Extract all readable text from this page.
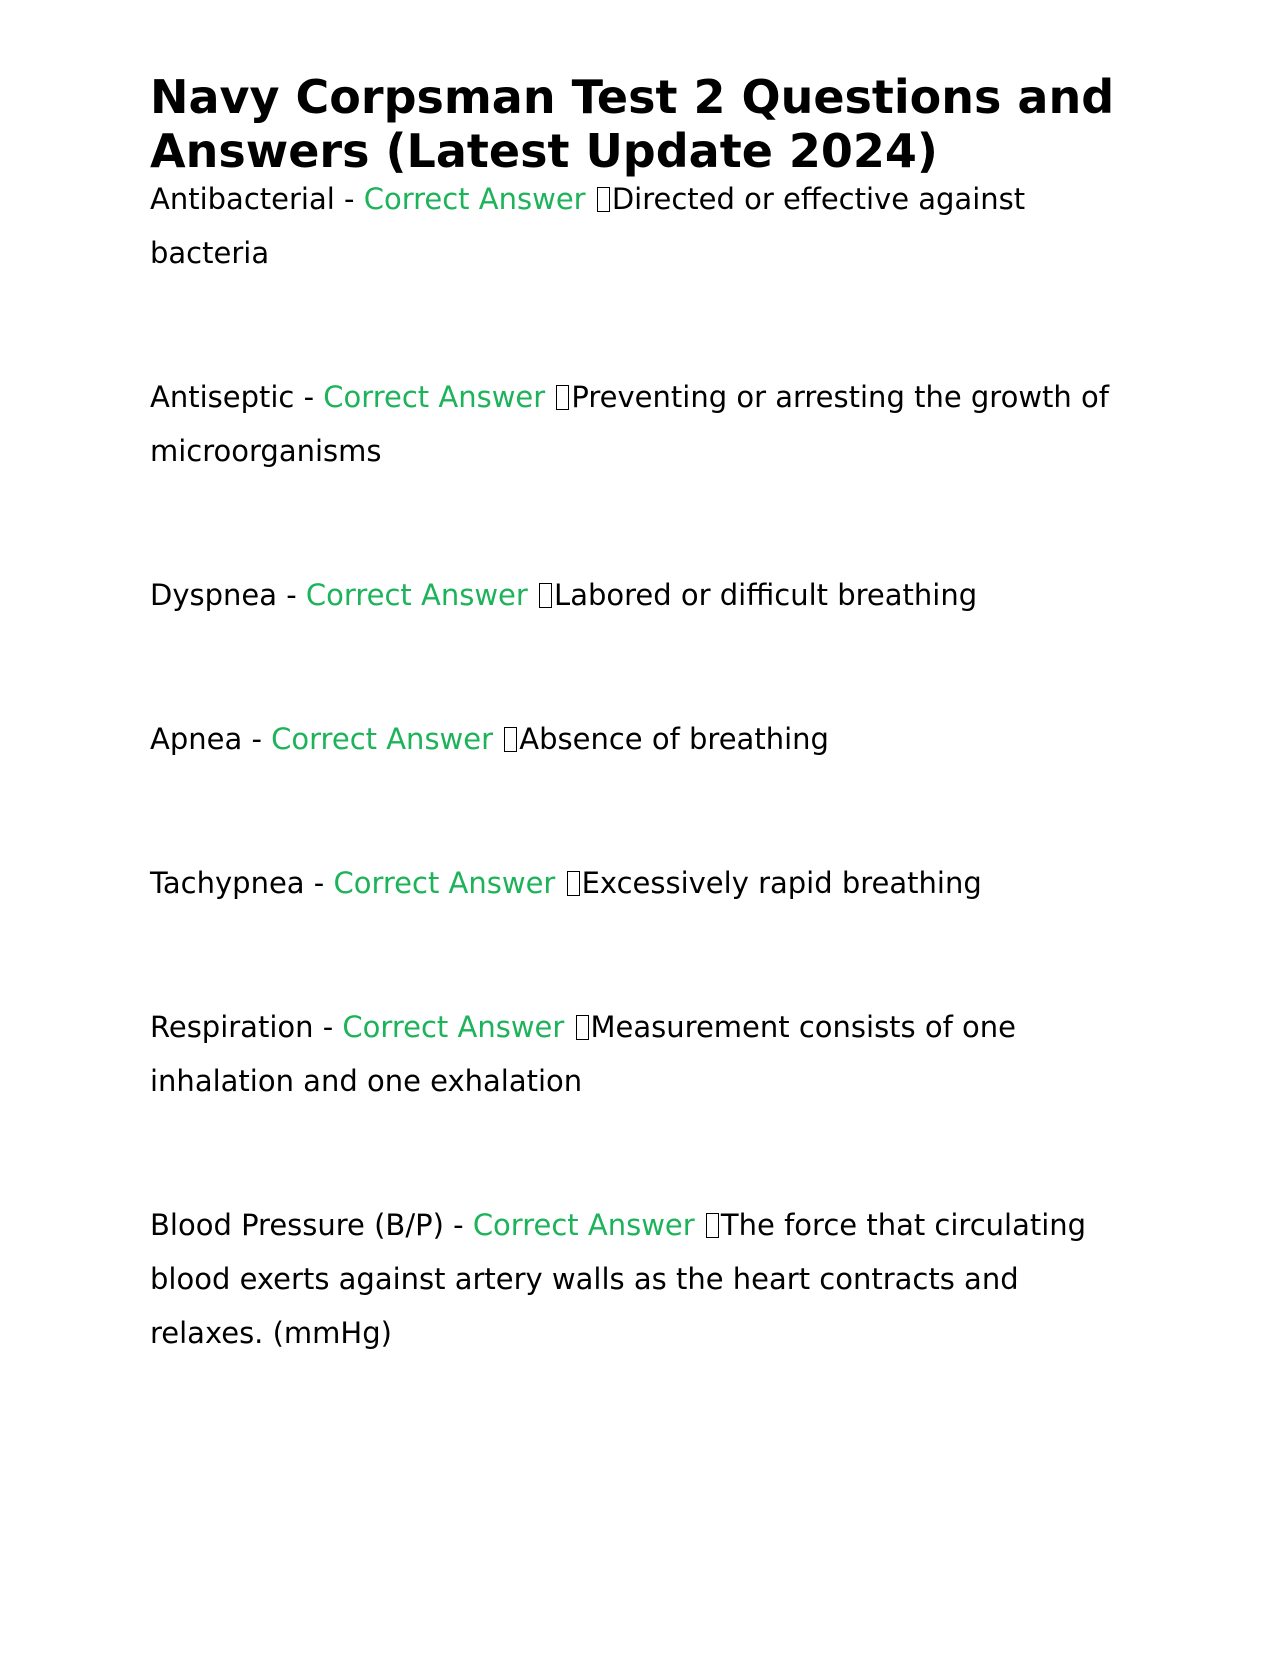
Navy Corpsman Test 2 Questions and Answers (Latest Update 2024)
Antibacterial - Correct Answer Directed or effective against bacteria
Antiseptic - Correct Answer Preventing or arresting the growth of microorganisms
Dyspnea - Correct Answer Labored or difficult breathing
Apnea - Correct Answer Absence of breathing
Tachypnea - Correct Answer Excessively rapid breathing
Respiration - Correct Answer Measurement consists of one inhalation and one exhalation
Blood Pressure (B/P) - Correct Answer The force that circulating blood exerts against artery walls as the heart contracts and relaxes. (mmHg)
